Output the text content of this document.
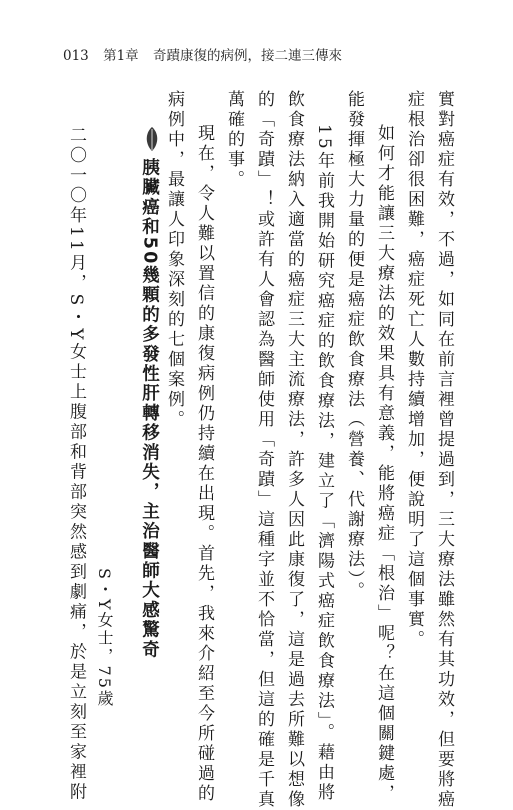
013 第1章 奇蹟康復的病例，接二連三傳來
實對癌症有效，不過，如同在前言裡曾提過到，三大療法雖然有其功效，但要將癌
症根治卻很困難，癌症死亡人數持續增加，便說明了這個事實。
如何才能讓三大療法的效果具有意義，能將癌症「根治」呢？在這個關鍵處，
能發揮極大力量的便是癌症飲食療法（營養、代謝療法）。
15年前我開始研究癌症的飲食療法，建立了「濟陽式癌症飲食療法」。藉由將
飲食療法納入適當的癌症三大主流療法，許多人因此康復了，這是過去所難以想像
的「奇蹟」！或許有人會認為醫師使用「奇蹟」這種字並不恰當，但這的確是千真
萬確的事。
現在，令人難以置信的康復病例仍持續在出現。首先，我來介紹至今所碰過的
病例中，最讓人印象深刻的七個案例。
胰臟癌和50幾顆的多發性肝轉移消失，主治醫師大感驚奇
S・Y女士，75歲
二〇一〇年11月，S・Y女士上腹部和背部突然感到劇痛，於是立刻至家裡附
